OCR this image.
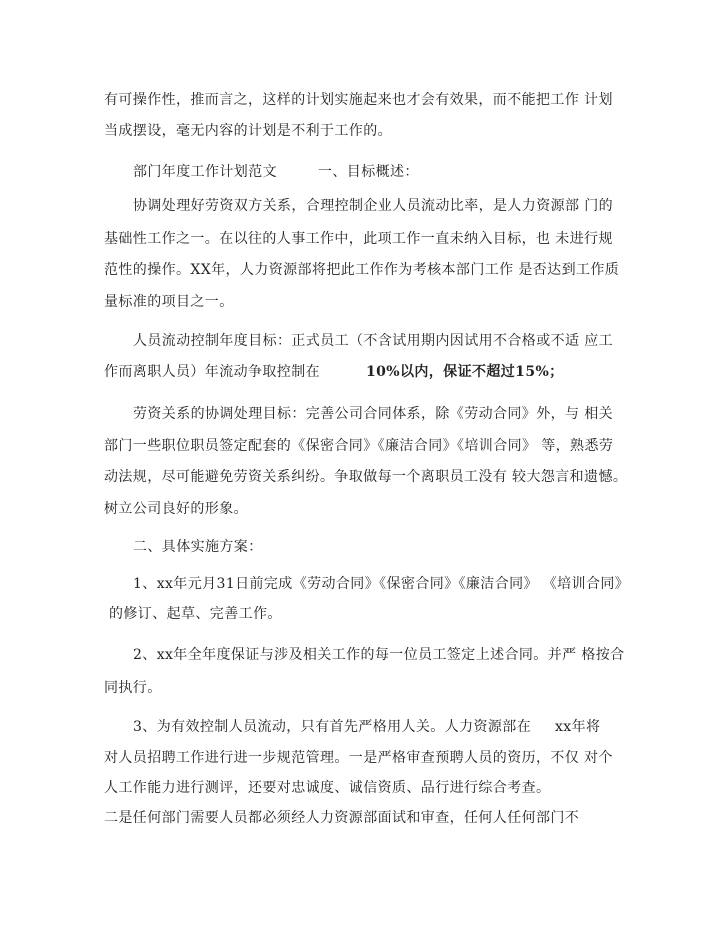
有可操作性，推而言之，这样的计划实施起来也才会有效果，而不能把工作 计划
当成摆设，毫无内容的计划是不利于工作的。
部门年度工作计划范文	一、目标概述：
协调处理好劳资双方关系，合理控制企业人员流动比率，是人力资源部 门的
基础性工作之一。在以往的人事工作中，此项工作一直未纳入目标，也 未进行规
范性的操作。XX年，人力资源部将把此工作作为考核本部门工作 是否达到工作质
量标准的项目之一。
人员流动控制年度目标：正式员工（不含试用期内因试用不合格或不适 应工
作而离职人员）年流动争取控制在	10%以内，保证不超过15%；
劳资关系的协调处理目标：完善公司合同体系，除《劳动合同》外，与 相关
部门一些职位职员签定配套的《保密合同》《廉洁合同》《培训合同》 等，熟悉劳
动法规，尽可能避免劳资关系纠纷。争取做每一个离职员工没有 较大怨言和遗憾。
树立公司良好的形象。
二、具体实施方案：
1、xx年元月31日前完成《劳动合同》《保密合同》《廉洁合同》 《培训合同》
的修订、起草、完善工作。
2、xx年全年度保证与涉及相关工作的每一位员工签定上述合同。并严 格按合
同执行。
3、为有效控制人员流动，只有首先严格用人关。人力资源部在 xx年将
对人员招聘工作进行进一步规范管理。一是严格审查预聘人员的资历，不仅 对个
人工作能力进行测评，还要对忠诚度、诚信资质、品行进行综合考查。
二是任何部门需要人员都必须经人力资源部面试和审查，任何人任何部门不
